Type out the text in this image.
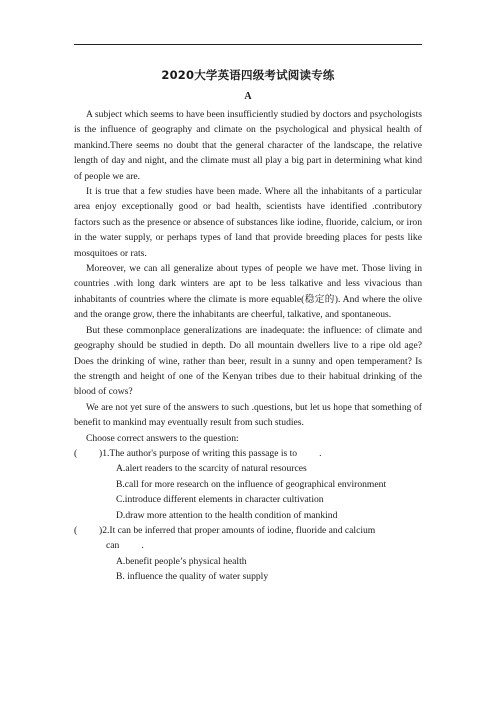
2020大学英语四级考试阅读专练
A

A subject which seems to have been insufficiently studied by doctors and psychologists is the influence of geography and climate on the psychological and physical health of mankind.There seems no doubt that the general character of the landscape, the relative length of day and night, and the climate must all play a big part in determining what kind of people we are.

It is true that a few studies have been made. Where all the inhabitants of a particular area enjoy exceptionally good or bad health, scientists have identified .contributory factors such as the presence or absence of substances like iodine, fluoride, calcium, or iron in the water supply, or perhaps types of land that provide breeding places for pests like mosquitoes or rats.

Moreover, we can all generalize about types of people we have met. Those living in countries .with long dark winters are apt to be less talkative and less vivacious than inhabitants of countries where the climate is more equable(稳定的). And where the olive and the orange grow, there the inhabitants are cheerful, talkative, and spontaneous.

But these commonplace generalizations are inadequate: the influence: of climate and geography should be studied in depth. Do all mountain dwellers live to a ripe old age? Does the drinking of wine, rather than beer, result in a sunny and open temperament? Is the strength and height of one of the Kenyan tribes due to their habitual drinking of the blood of cows?

We are not yet sure of the answers to such .questions, but let us hope that something of benefit to mankind may eventually result from such studies.

Choose correct answers to the question:

( )1.The author's purpose of writing this passage is to .

A.alert readers to the scarcity of natural resources

B.call for more research on the influence of geographical environment

C.introduce different elements in character cultivation

D.draw more attention to the health condition of mankind

( )2.It can be inferred that proper amounts of iodine, fluoride and calcium

can .

A.benefit people’s physical health

B. influence the quality of water supply
